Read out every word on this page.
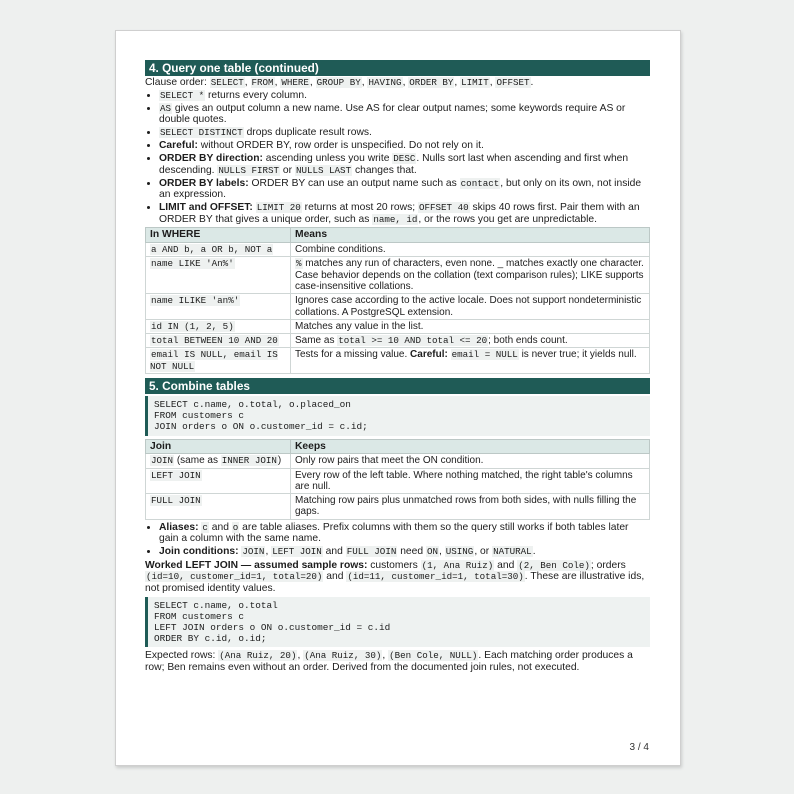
4. Query one table (continued)

Clause order: SELECT, FROM, WHERE, GROUP BY, HAVING, ORDER BY, LIMIT, OFFSET.

• SELECT * returns every column.
• AS gives an output column a new name. Use AS for clear output names; some keywords require AS or double quotes.
• SELECT DISTINCT drops duplicate result rows.
• Careful: without ORDER BY, row order is unspecified. Do not rely on it.
• ORDER BY direction: ascending unless you write DESC. Nulls sort last when ascending and first when descending. NULLS FIRST or NULLS LAST changes that.
• ORDER BY labels: ORDER BY can use an output name such as contact, but only on its own, not inside an expression.
• LIMIT and OFFSET: LIMIT 20 returns at most 20 rows; OFFSET 40 skips 40 rows first. Pair them with an ORDER BY that gives a unique order, such as name, id, or the rows you get are unpredictable.
In WHERE	Means
a AND b, a OR b, NOT a	Combine conditions.
name LIKE 'An%'	% matches any run of characters, even none. _ matches exactly one character. Case behavior depends on the collation (text comparison rules); LIKE supports case-insensitive collations.
name ILIKE 'an%'	Ignores case according to the active locale. Does not support nondeterministic collations. A PostgreSQL extension.
id IN (1, 2, 5)	Matches any value in the list.
total BETWEEN 10 AND 20	Same as total >= 10 AND total <= 20; both ends count.
email IS NULL, email IS NOT NULL	Tests for a missing value. Careful: email = NULL is never true; it yields null.
5. Combine tables
SELECT c.name, o.total, o.placed_on
FROM customers c
JOIN orders o ON o.customer_id = c.id;
Join	Keeps
JOIN (same as INNER JOIN)	Only row pairs that meet the ON condition.
LEFT JOIN	Every row of the left table. Where nothing matched, the right table's columns are null.
FULL JOIN	Matching row pairs plus unmatched rows from both sides, with nulls filling the gaps.
• Aliases: c and o are table aliases. Prefix columns with them so the query still works if both tables later gain a column with the same name.
• Join conditions: JOIN, LEFT JOIN and FULL JOIN need ON, USING, or NATURAL.

Worked LEFT JOIN — assumed sample rows: customers (1, Ana Ruiz) and (2, Ben Cole); orders (id=10, customer_id=1, total=20) and (id=11, customer_id=1, total=30). These are illustrative ids, not promised identity values.

SELECT c.name, o.total
FROM customers c
LEFT JOIN orders o ON o.customer_id = c.id
ORDER BY c.id, o.id;

Expected rows: (Ana Ruiz, 20), (Ana Ruiz, 30), (Ben Cole, NULL). Each matching order produces a row; Ben remains even without an order. Derived from the documented join rules, not executed.

3 / 4
